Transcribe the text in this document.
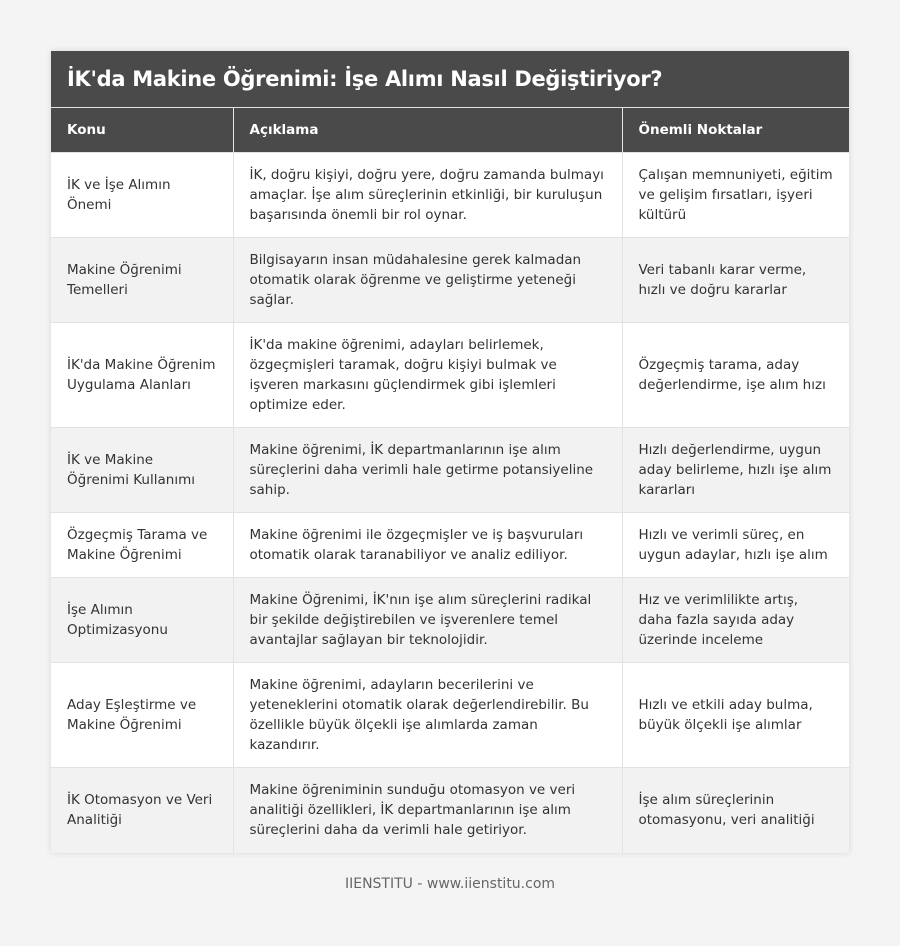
İK'da Makine Öğrenimi: İşe Alımı Nasıl Değiştiriyor?
Konu	Açıklama	Önemli Noktalar
İK ve İşe Alımın Önemi	İK, doğru kişiyi, doğru yere, doğru zamanda bulmayı amaçlar. İşe alım süreçlerinin etkinliği, bir kuruluşun başarısında önemli bir rol oynar.	Çalışan memnuniyeti, eğitim ve gelişim fırsatları, işyeri kültürü
Makine Öğrenimi Temelleri	Bilgisayarın insan müdahalesine gerek kalmadan otomatik olarak öğrenme ve geliştirme yeteneği sağlar.	Veri tabanlı karar verme, hızlı ve doğru kararlar
İK'da Makine Öğrenim Uygulama Alanları	İK'da makine öğrenimi, adayları belirlemek, özgeçmişleri taramak, doğru kişiyi bulmak ve işveren markasını güçlendirmek gibi işlemleri optimize eder.	Özgeçmiş tarama, aday değerlendirme, işe alım hızı
İK ve Makine Öğrenimi Kullanımı	Makine öğrenimi, İK departmanlarının işe alım süreçlerini daha verimli hale getirme potansiyeline sahip.	Hızlı değerlendirme, uygun aday belirleme, hızlı işe alım kararları
Özgeçmiş Tarama ve Makine Öğrenimi	Makine öğrenimi ile özgeçmişler ve iş başvuruları otomatik olarak taranabiliyor ve analiz ediliyor.	Hızlı ve verimli süreç, en uygun adaylar, hızlı işe alım
İşe Alımın Optimizasyonu	Makine Öğrenimi, İK'nın işe alım süreçlerini radikal bir şekilde değiştirebilen ve işverenlere temel avantajlar sağlayan bir teknolojidir.	Hız ve verimlilikte artış, daha fazla sayıda aday üzerinde inceleme
Aday Eşleştirme ve Makine Öğrenimi	Makine öğrenimi, adayların becerilerini ve yeteneklerini otomatik olarak değerlendirebilir. Bu özellikle büyük ölçekli işe alımlarda zaman kazandırır.	Hızlı ve etkili aday bulma, büyük ölçekli işe alımlar
İK Otomasyon ve Veri Analitiği	Makine öğreniminin sunduğu otomasyon ve veri analitiği özellikleri, İK departmanlarının işe alım süreçlerini daha da verimli hale getiriyor.	İşe alım süreçlerinin otomasyonu, veri analitiği
IIENSTITU - www.iienstitu.com
